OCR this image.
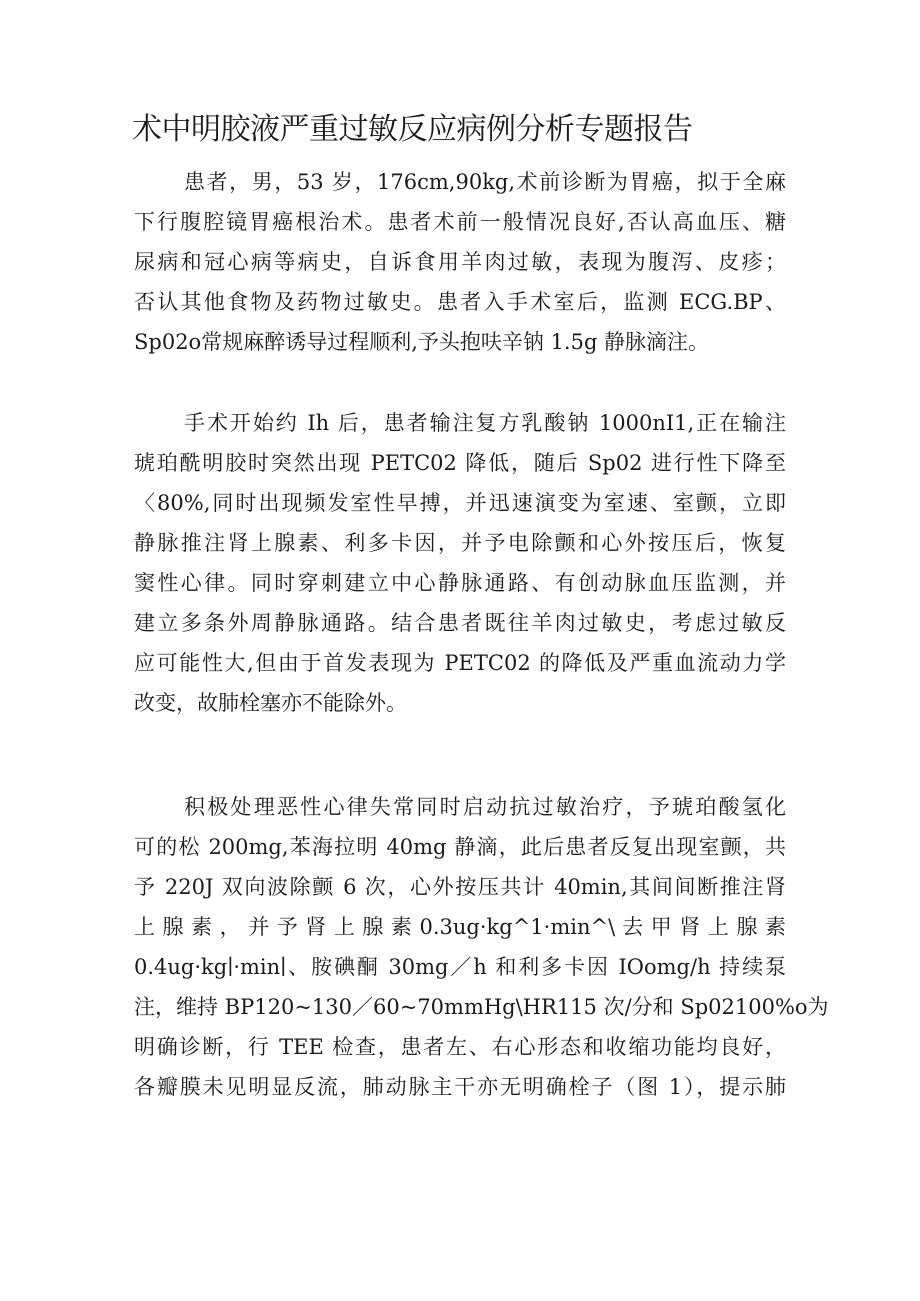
术中明胶液严重过敏反应病例分析专题报告
患者，男，53 岁，176cm,90kg,术前诊断为胃癌，拟于全麻
下行腹腔镜胃癌根治术。患者术前一般情况良好,否认高血压、糖
尿病和冠心病等病史，自诉食用羊肉过敏，表现为腹泻、皮疹；
否认其他食物及药物过敏史。患者入手术室后，监测 ECG.BP、
Sp02o常规麻醉诱导过程顺利,予头抱呋辛钠 1.5g 静脉滴注。
手术开始约 Ih 后，患者输注复方乳酸钠 1000nI1,正在输注
琥珀酰明胶时突然出现 PETC02 降低，随后 Sp02 进行性下降至
〈80%,同时出现频发室性早搏，并迅速演变为室速、室颤，立即
静脉推注肾上腺素、利多卡因，并予电除颤和心外按压后，恢复
窦性心律。同时穿刺建立中心静脉通路、有创动脉血压监测，并
建立多条外周静脉通路。结合患者既往羊肉过敏史，考虑过敏反
应可能性大,但由于首发表现为 PETC02 的降低及严重血流动力学
改变，故肺栓塞亦不能除外。
积极处理恶性心律失常同时启动抗过敏治疗，予琥珀酸氢化
可的松 200mg,苯海拉明 40mg 静滴，此后患者反复出现室颤，共
予 220J 双向波除颤 6 次，心外按压共计 40min,其间间断推注肾
上 腺 素 ， 并 予 肾 上 腺 素 0.3ug·kg^1·min^\ 去 甲 肾 上 腺 素
0.4ug·kg∣·min∣、胺碘酮 30mg／h 和利多卡因 IOomg/h 持续泵
注，维持 BP120~130／60~70mmHg\HR115 次/分和 Sp02100%o为
明确诊断，行 TEE 检查，患者左、右心形态和收缩功能均良好，
各瓣膜未见明显反流，肺动脉主干亦无明确栓子（图 1），提示肺
